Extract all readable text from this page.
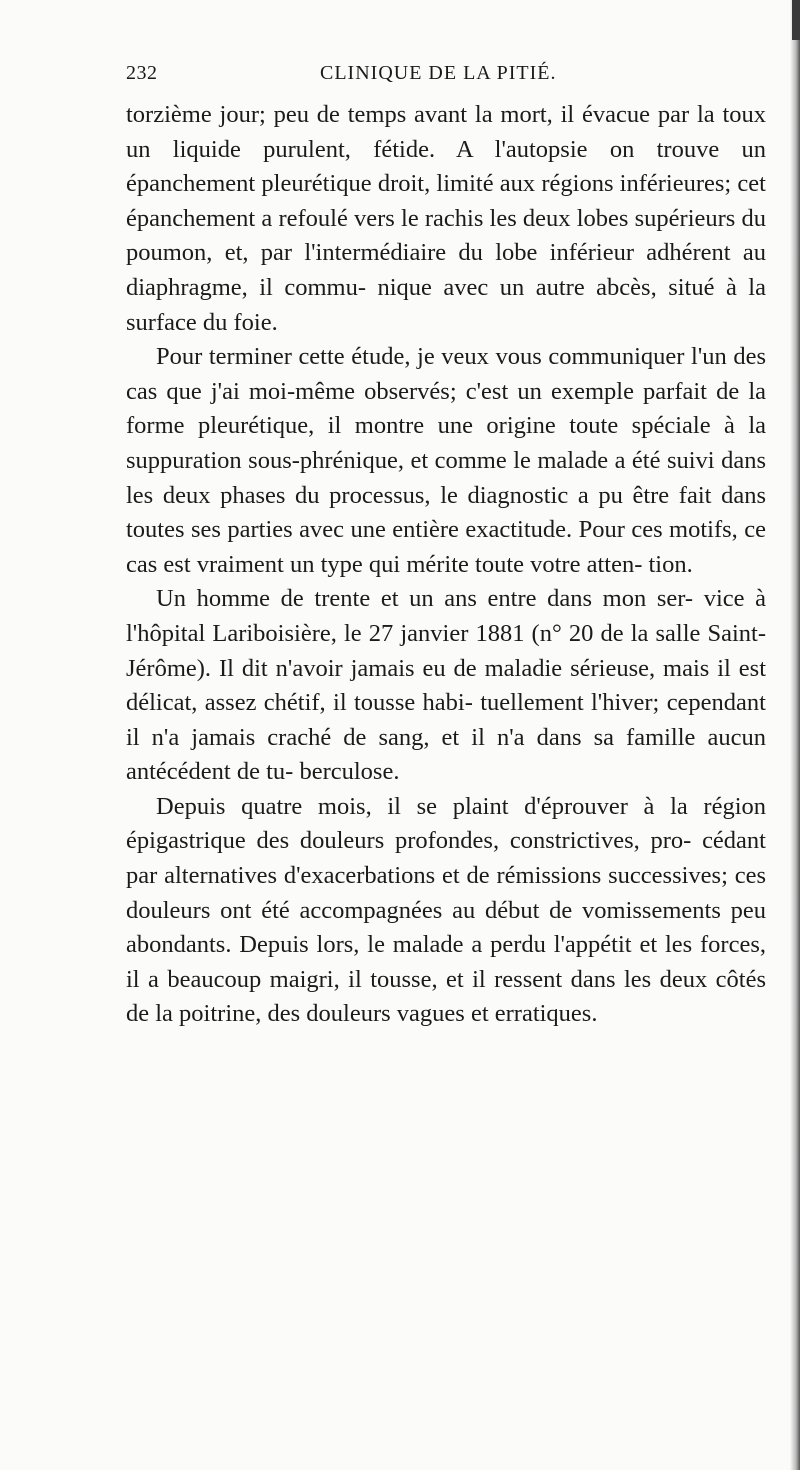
232	CLINIQUE DE LA PITIÉ.

torzième jour; peu de temps avant la mort, il évacue par la toux un liquide purulent, fétide. A l'autopsie on trouve un épanchement pleurétique droit, limité aux régions inférieures; cet épanchement a refoulé vers le rachis les deux lobes supérieurs du poumon, et, par l'intermédiaire du lobe inférieur adhérent au diaphragme, il commu- nique avec un autre abcès, situé à la surface du foie.

Pour terminer cette étude, je veux vous communiquer l'un des cas que j'ai moi-même observés; c'est un exemple parfait de la forme pleurétique, il montre une origine toute spéciale à la suppuration sous-phrénique, et comme le malade a été suivi dans les deux phases du processus, le diagnostic a pu être fait dans toutes ses parties avec une entière exactitude. Pour ces motifs, ce cas est vraiment un type qui mérite toute votre atten- tion.

Un homme de trente et un ans entre dans mon ser- vice à l'hôpital Lariboisière, le 27 janvier 1881 (n° 20 de la salle Saint-Jérôme). Il dit n'avoir jamais eu de maladie sérieuse, mais il est délicat, assez chétif, il tousse habi- tuellement l'hiver; cependant il n'a jamais craché de sang, et il n'a dans sa famille aucun antécédent de tu- berculose.

Depuis quatre mois, il se plaint d'éprouver à la région épigastrique des douleurs profondes, constrictives, pro- cédant par alternatives d'exacerbations et de rémissions successives; ces douleurs ont été accompagnées au début de vomissements peu abondants. Depuis lors, le malade a perdu l'appétit et les forces, il a beaucoup maigri, il tousse, et il ressent dans les deux côtés de la poitrine, des douleurs vagues et erratiques.
